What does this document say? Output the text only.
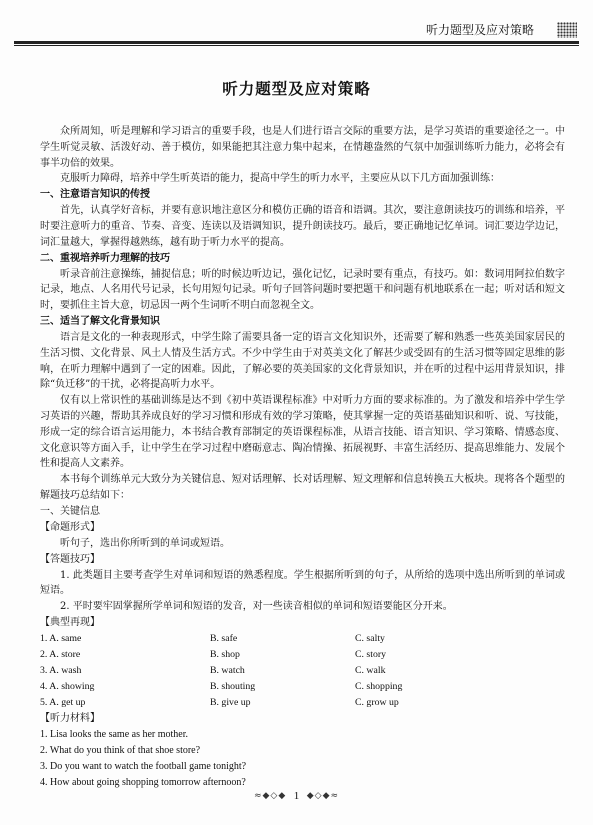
听力题型及应对策略
听力题型及应对策略
众所周知，听是理解和学习语言的重要手段，也是人们进行语言交际的重要方法，是学习英语的重要途径之一。中学生听觉灵敏、活泼好动、善于模仿，如果能把其注意力集中起来，在情趣盎然的气氛中加强训练听力能力，必将会有事半功倍的效果。
克服听力障碍，培养中学生听英语的能力，提高中学生的听力水平，主要应从以下几方面加强训练：
一、注意语言知识的传授
首先，认真学好音标，并要有意识地注意区分和模仿正确的语音和语调。其次，要注意朗读技巧的训练和培养，平时要注意听力的重音、节奏、音变、连读以及语调知识，提升朗读技巧。最后，要正确地记忆单词。词汇要边学边记，词汇量越大，掌握得越熟练，越有助于听力水平的提高。
二、重视培养听力理解的技巧
听录音前注意操练，捕捉信息；听的时候边听边记，强化记忆，记录时要有重点，有技巧。如：数词用阿拉伯数字记录，地点、人名用代号记录，长句用短句记录。听句子回答问题时要把题干和问题有机地联系在一起；听对话和短文时，要抓住主旨大意，切忌因一两个生词听不明白而忽视全文。
三、适当了解文化背景知识
语言是文化的一种表现形式，中学生除了需要具备一定的语言文化知识外，还需要了解和熟悉一些英美国家居民的生活习惯、文化背景、风土人情及生活方式。不少中学生由于对英美文化了解甚少或受固有的生活习惯等固定思维的影响，在听力理解中遇到了一定的困难。因此，了解必要的英美国家的文化背景知识，并在听的过程中运用背景知识，排除“负迁移”的干扰，必将提高听力水平。
仅有以上常识性的基础训练是达不到《初中英语课程标准》中对听力方面的要求标准的。为了激发和培养中学生学习英语的兴趣，帮助其养成良好的学习习惯和形成有效的学习策略，使其掌握一定的英语基础知识和听、说、写技能，形成一定的综合语言运用能力，本书结合教育部制定的英语课程标准，从语言技能、语言知识、学习策略、情感态度、文化意识等方面入手，让中学生在学习过程中磨砺意志、陶冶情操、拓展视野、丰富生活经历、提高思维能力、发展个性和提高人文素养。
本书每个训练单元大致分为关键信息、短对话理解、长对话理解、短文理解和信息转换五大板块。现将各个题型的解题技巧总结如下：
一、关键信息
【命题形式】
听句子，选出你所听到的单词或短语。
【答题技巧】
1. 此类题目主要考查学生对单词和短语的熟悉程度。学生根据所听到的句子，从所给的选项中选出所听到的单词或短语。
2. 平时要牢固掌握所学单词和短语的发音，对一些读音相似的单词和短语要能区分开来。
【典型再现】
1. A. same	B. safe	C. salty
2. A. store	B. shop	C. story
3. A. wash	B. watch	C. walk
4. A. showing	B. shouting	C. shopping
5. A. get up	B. give up	C. grow up
【听力材料】
1. Lisa looks the same as her mother.
2. What do you think of that shoe store?
3. Do you want to watch the football game tonight?
4. How about going shopping tomorrow afternoon?
≈◆◇◆ 1 ◆◇◆≈
